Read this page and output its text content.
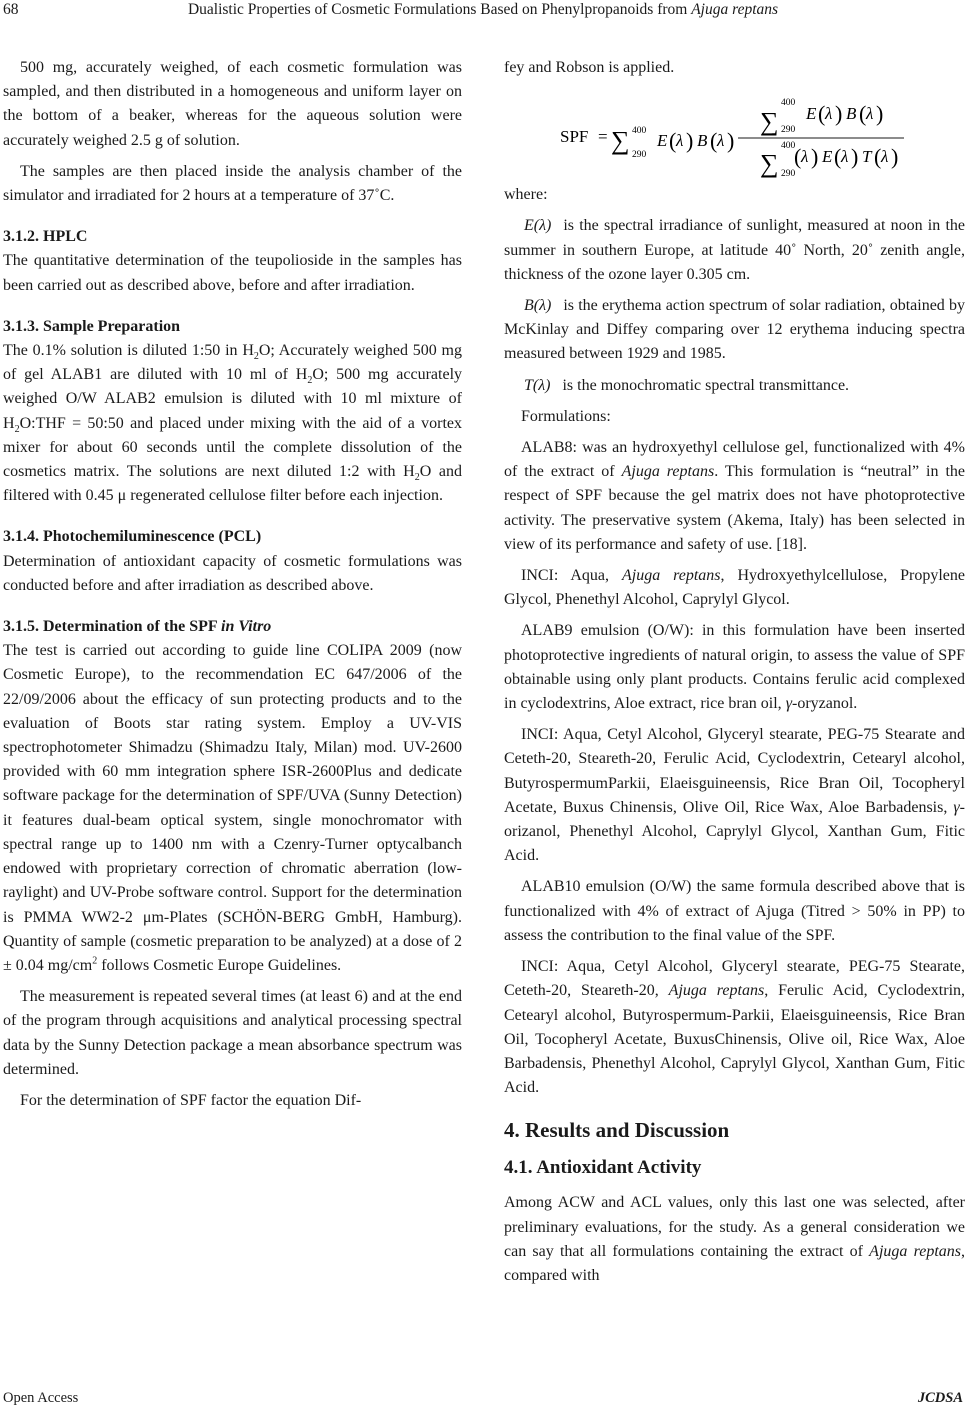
68	Dualistic Properties of Cosmetic Formulations Based on Phenylpropanoids from Ajuga reptans

500 mg, accurately weighed, of each cosmetic formulation was sampled, and then distributed in a homogeneous and uniform layer on the bottom of a beaker, whereas for the aqueous solution were accurately weighed 2.5 g of solution.

The samples are then placed inside the analysis chamber of the simulator and irradiated for 2 hours at a temperature of 37˚C.

3.1.2. HPLC

The quantitative determination of the teupolioside in the samples has been carried out as described above, before and after irradiation.

3.1.3. Sample Preparation

The 0.1% solution is diluted 1:50 in $H_2O$; Accurately weighed 500 mg of gel ALAB1 are diluted with 10 ml of $H_2O$; 500 mg accurately weighed O/W ALAB2 emulsion is diluted with 10 ml mixture of $H_2O:THF$ = 50:50 and placed under mixing with the aid of a vortex mixer for about 60 seconds until the complete dissolution of the cosmetics matrix. The solutions are next diluted 1:2 with $H_2O$ and filtered with 0.45 μ regenerated cellulose filter before each injection.

3.1.4. Photochemiluminescence (PCL)

Determination of antioxidant capacity of cosmetic formulations was conducted before and after irradiation as described above.

3.1.5. Determination of the SPF in Vitro

The test is carried out according to guide line COLIPA 2009 (now Cosmetic Europe), to the recommendation EC 647/2006 of the 22/09/2006 about the efficacy of sun protecting products and to the evaluation of Boots star rating system. Employ a UV-VIS spectrophotometer Shimadzu (Shimadzu Italy, Milan) mod. UV-2600 provided with 60 mm integration sphere ISR-2600Plus and dedicate software package for the determination of SPF/UVA (Sunny Detection) it features dual-beam optical system, single monochromator with spectral range up to 1400 nm with a Czenry-Turner optycalbanch endowed with proprietary correction of chromatic aberration (low-raylight) and UV-Probe software control. Support for the determination is PMMA WW2-2 μm-Plates (SCHÖN-BERG GmbH, Hamburg). Quantity of sample (cosmetic preparation to be analyzed) at a dose of 2 ± 0.04 $mg/cm^2$ follows Cosmetic Europe Guidelines.

The measurement is repeated several times (at least 6) and at the end of the program through acquisitions and analytical processing spectral data by the Sunny Detection package a mean absorbance spectrum was determined.

For the determination of SPF factor the equation Dif-

fey and Robson is applied.

SPF = ∑ 400
290
E ( λ ) B ( λ )
∑
400
290
E ( λ ) B ( λ )
∑
400
290
( λ ) E ( λ ) T ( λ )

where:

E(λ) is the spectral irradiance of sunlight, measured at noon in the summer in southern Europe, at latitude 40˚ North, 20˚ zenith angle, thickness of the ozone layer 0.305 cm.

B(λ) is the erythema action spectrum of solar radiation, obtained by McKinlay and Diffey comparing over 12 erythema inducing spectra measured between 1929 and 1985.

T(λ) is the monochromatic spectral transmittance.

Formulations:

ALAB8: was an hydroxyethyl cellulose gel, functionalized with 4% of the extract of Ajuga reptans. This formulation is “neutral” in the respect of SPF because the gel matrix does not have photoprotective activity. The preservative system (Akema, Italy) has been selected in view of its performance and safety of use. [18].

INCI: Aqua, Ajuga reptans, Hydroxyethylcellulose, Propylene Glycol, Phenethyl Alcohol, Caprylyl Glycol.

ALAB9 emulsion (O/W): in this formulation have been inserted photoprotective ingredients of natural origin, to assess the value of SPF obtainable using only plant products. Contains ferulic acid complexed in cyclodextrins, Aloe extract, rice bran oil, γ-oryzanol.

INCI: Aqua, Cetyl Alcohol, Glyceryl stearate, PEG-75 Stearate and Ceteth-20, Steareth-20, Ferulic Acid, Cyclodextrin, Cetearyl alcohol, ButyrospermumParkii, Elaeisguineensis, Rice Bran Oil, Tocopheryl Acetate, Buxus Chinensis, Olive Oil, Rice Wax, Aloe Barbadensis, γ-orizanol, Phenethyl Alcohol, Caprylyl Glycol, Xanthan Gum, Fitic Acid.

ALAB10 emulsion (O/W) the same formula described above that is functionalized with 4% of extract of Ajuga (Titred > 50% in PP) to assess the contribution to the final value of the SPF.

INCI: Aqua, Cetyl Alcohol, Glyceryl stearate, PEG-75 Stearate, Ceteth-20, Steareth-20, Ajuga reptans, Ferulic Acid, Cyclodextrin, Cetearyl alcohol, Butyrospermum-Parkii, Elaeisguineensis, Rice Bran Oil, Tocopheryl Acetate, BuxusChinensis, Olive oil, Rice Wax, Aloe Barbadensis, Phenethyl Alcohol, Caprylyl Glycol, Xanthan Gum, Fitic Acid.

4. Results and Discussion
4.1. Antioxidant Activity

Among ACW and ACL values, only this last one was selected, after preliminary evaluations, for the study. As a general consideration we can say that all formulations containing the extract of Ajuga reptans, compared with

Open Access	JCDSA
